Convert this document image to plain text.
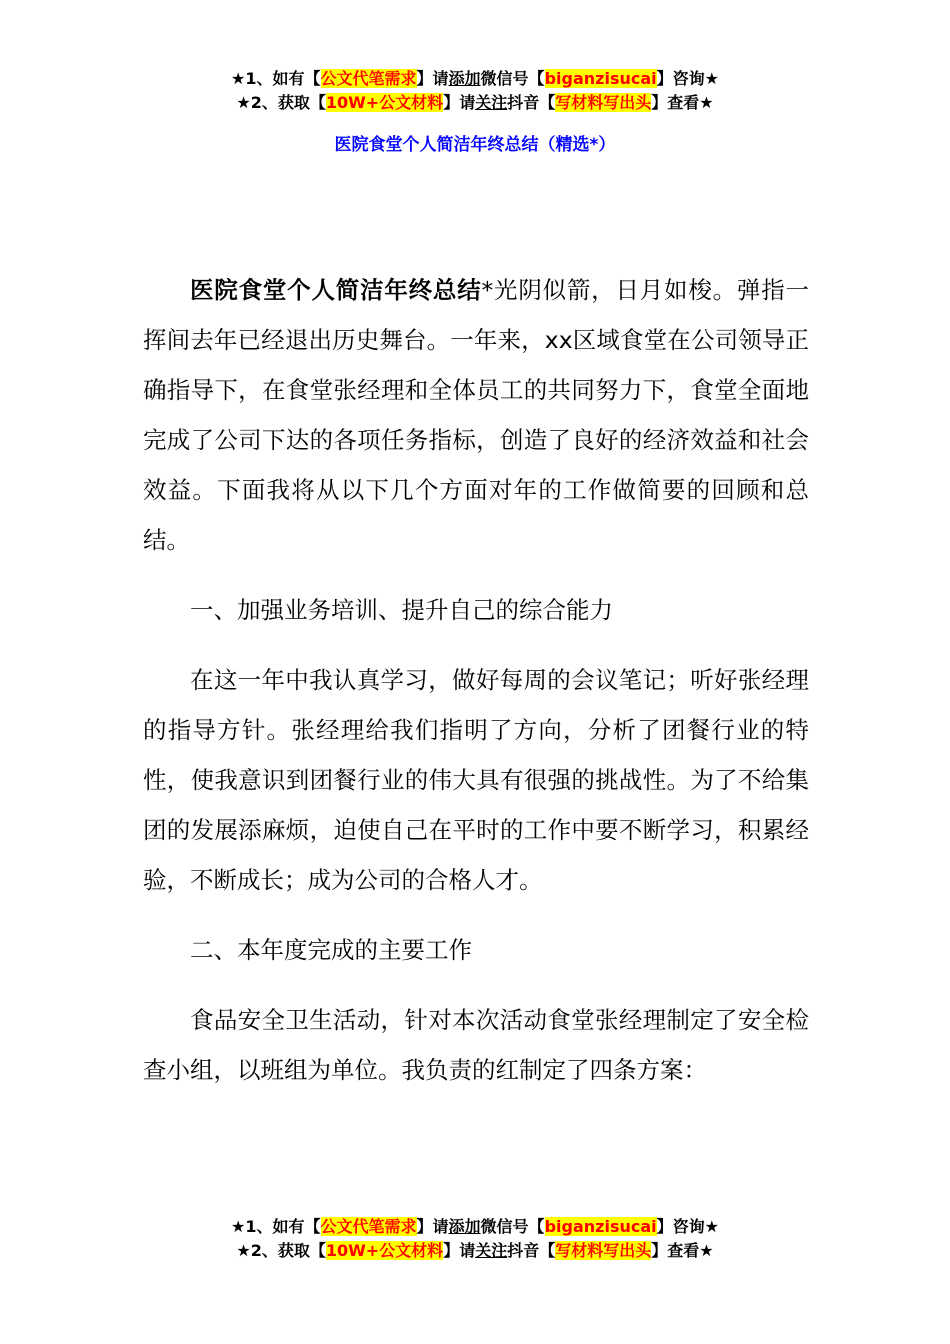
★1、如有【公文代笔需求】请添加微信号【biganzisucai】咨询★
★2、获取【10W+公文材料】请关注抖音【写材料写出头】查看★
医院食堂个人简洁年终总结（精选*）

医院食堂个人简洁年终总结*光阴似箭，日月如梭。弹指一挥间去年已经退出历史舞台。一年来，xx区域食堂在公司领导正确指导下，在食堂张经理和全体员工的共同努力下，食堂全面地完成了公司下达的各项任务指标，创造了良好的经济效益和社会效益。下面我将从以下几个方面对年的工作做简要的回顾和总结。

一、加强业务培训、提升自己的综合能力

在这一年中我认真学习，做好每周的会议笔记；听好张经理的指导方针。张经理给我们指明了方向，分析了团餐行业的特性，使我意识到团餐行业的伟大具有很强的挑战性。为了不给集团的发展添麻烦，迫使自己在平时的工作中要不断学习，积累经验，不断成长；成为公司的合格人才。

二、本年度完成的主要工作

食品安全卫生活动，针对本次活动食堂张经理制定了安全检查小组，以班组为单位。我负责的红制定了四条方案：

★1、如有【公文代笔需求】请添加微信号【biganzisucai】咨询★
★2、获取【10W+公文材料】请关注抖音【写材料写出头】查看★
